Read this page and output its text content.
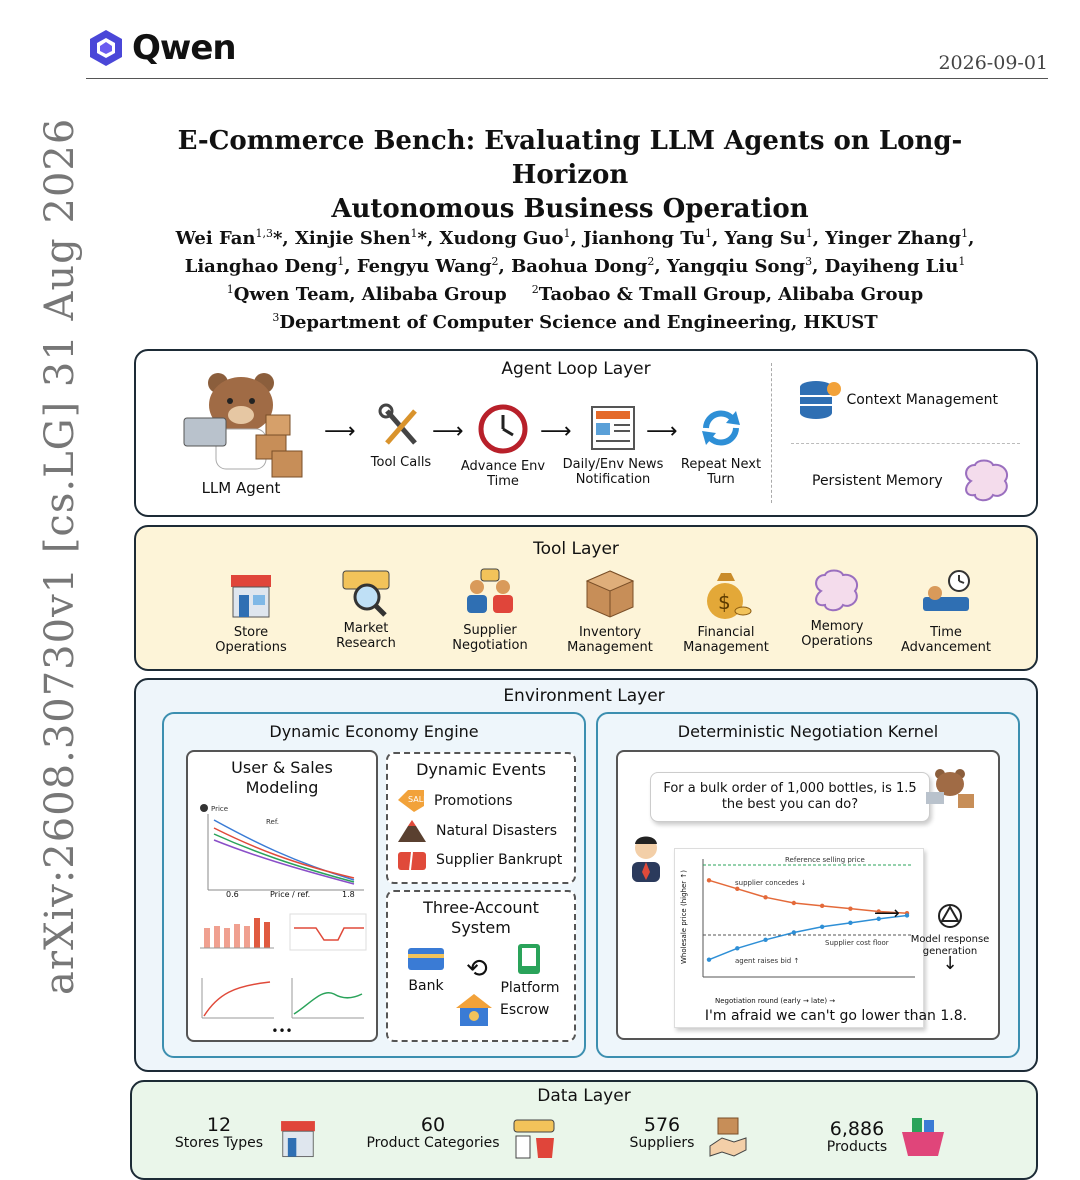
arXiv:2608.30730v1 [cs.LG] 31 Aug 2026
Qwen	2026-09-01
E-Commerce Bench: Evaluating LLM Agents on Long-Horizon
Autonomous Business Operation
Wei Fan$^{1,3}$*, Xinjie Shen$^1$*, Xudong Guo$^1$, Jianhong Tu$^1$, Yang Su$^1$, Yinger Zhang$^1$,
Lianghao Deng$^1$, Fengyu Wang$^2$, Baohua Dong$^2$, Yangqiu Song$^3$, Dayiheng Liu$^1$
$^1$Qwen Team, Alibaba Group    $^2$Taobao & Tmall Group, Alibaba Group
$^3$Department of Computer Science and Engineering, HKUST
Agent Loop Layer
LLM Agent
⟶
Tool Calls
⟶
Advance Env Time
⟶
Daily/Env News Notification
⟶
Repeat Next Turn
Context Management
Persistent Memory
Tool Layer
Store Operations
Market Research
Supplier Negotiation
Inventory Management
$
Financial Management
Memory Operations
Time Advancement
Environment Layer
Dynamic Economy Engine
User & Sales Modeling
Price
Ref.
0.6	Price / ref.	1.8
•••
Dynamic Events
SALE Promotions
Natural Disasters
Supplier Bankrupt
Three-Account System
Bank
⟲
Platform
Escrow
Deterministic Negotiation Kernel
For a bulk order of 1,000 bottles, is 1.5 the best you can do?
Reference selling price
supplier concedes ↓
Supplier cost floor
agent raises bid ↑
Wholesale price (higher ↑)
Negotiation round (early → late) →
⟶
Model response generation
↓
I'm afraid we can't go lower than 1.8.
Data Layer
12
Stores Types
60
Product Categories
576
Suppliers
6,886
Products
